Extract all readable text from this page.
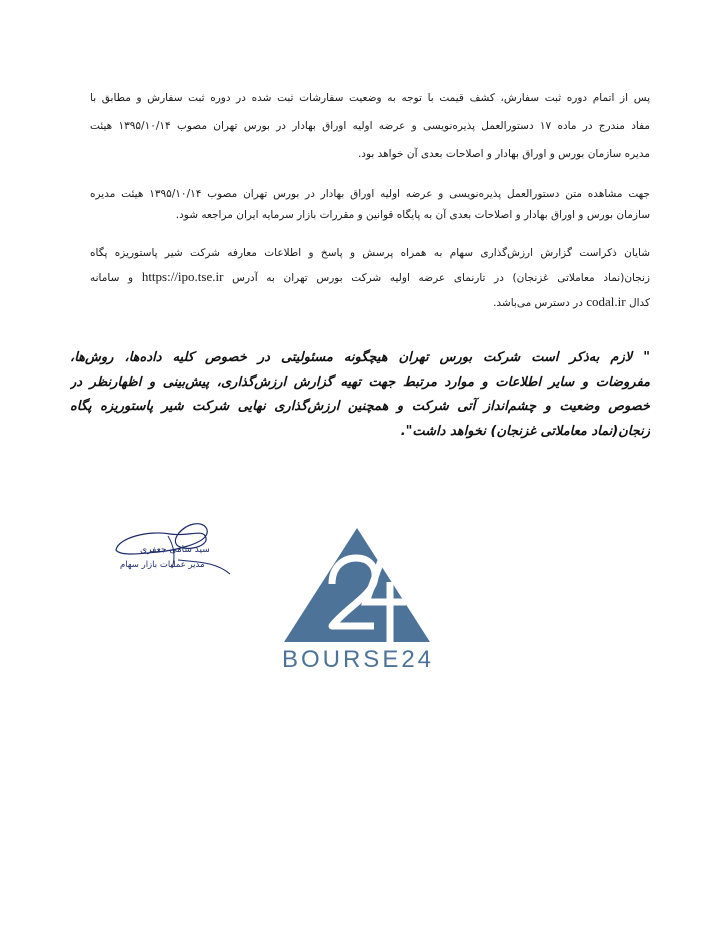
پس از اتمام دوره ثبت سفارش، کشف قیمت با توجه به وضعیت سفارشات ثبت شده در دوره ثبت سفارش و مطابق با
مفاد مندرج در ماده ۱۷ دستورالعمل پذیره‌نویسی و عرضه اولیه اوراق بهادار در بورس تهران مصوب ۱۳۹۵/۱۰/۱۴ هیئت
مدیره سازمان بورس و اوراق بهادار و اصلاحات بعدی آن خواهد بود.
جهت مشاهده متن دستورالعمل پذیره‌نویسی و عرضه اولیه اوراق بهادار در بورس تهران مصوب ۱۳۹۵/۱۰/۱۴ هیئت مدیره
سازمان بورس و اوراق بهادار و اصلاحات بعدی آن به پایگاه قوانین و مقررات بازار سرمایه ایران مراجعه شود.
شایان ذکراست گزارش ارزش‌گذاری سهام به همراه پرسش و پاسخ و اطلاعات معارفه شرکت شیر پاستوریزه پگاه
زنجان(نماد معاملاتی غزنجان) در تارنمای عرضه اولیه شرکت بورس تهران به آدرس https://ipo.tse.ir و سامانه
کدال codal.ir در دسترس می‌باشد.
" لازم به‌ذکر است شرکت بورس تهران هیچگونه مسئولیتی در خصوص کلیه داده‌ها، روش‌ها،
مفروضات و سایر اطلاعات و موارد مرتبط جهت تهیه گزارش ارزش‌گذاری، پیش‌بینی و اظهارنظر در
خصوص وضعیت و چشم‌انداز آتی شرکت و همچنین ارزش‌گذاری نهایی شرکت شیر پاستوریزه پگاه
زنجان(نماد معاملاتی غزنجان) نخواهد داشت".
سید سامی جعفری
مدیر عملیات بازار سهام
BOURSE24
